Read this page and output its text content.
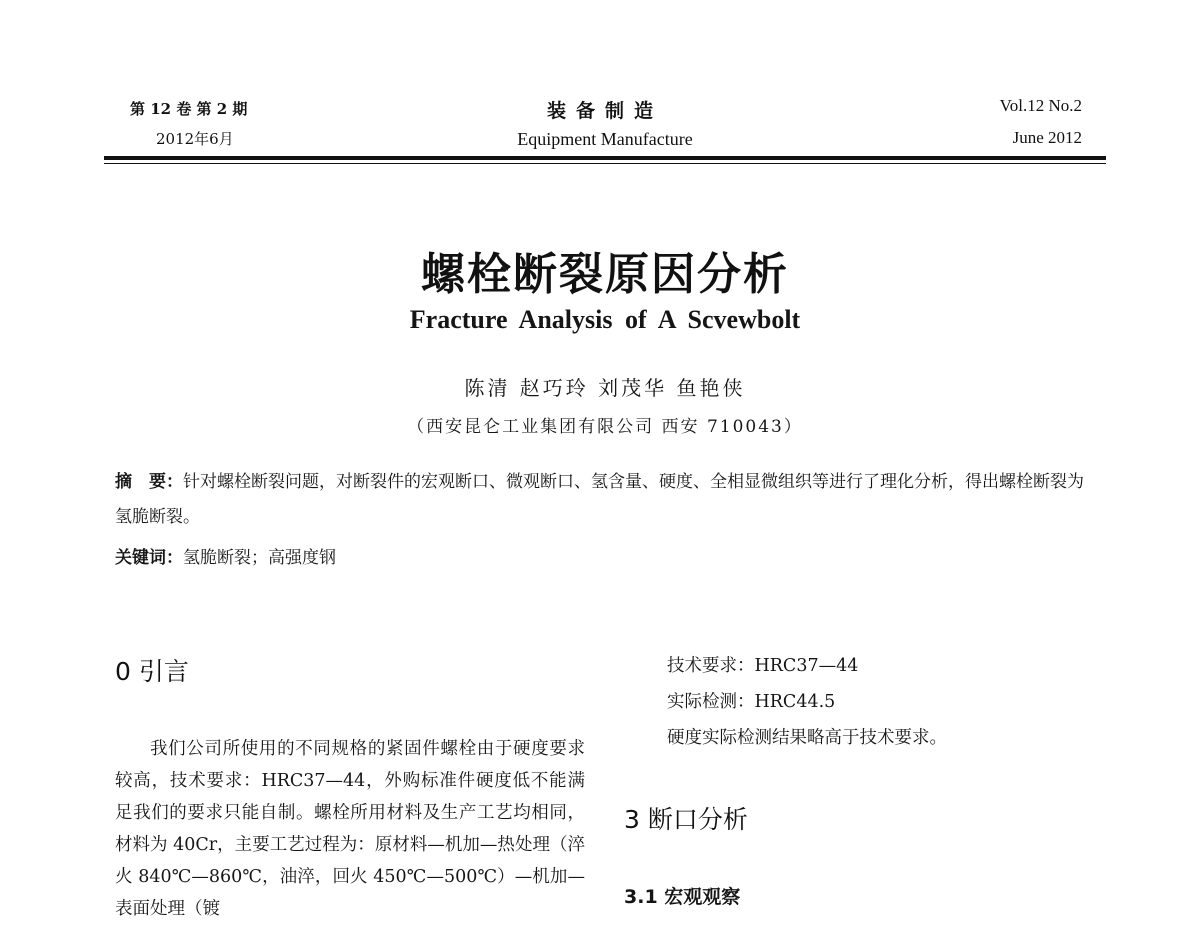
第 12 卷 第 2 期
2012年6月
装备制造
Equipment Manufacture
Vol.12 No.2
June 2012
螺栓断裂原因分析
Fracture Analysis of A Scvewbolt
陈清 赵巧玲 刘茂华 鱼艳侠
（西安昆仑工业集团有限公司 西安 710043）
摘　要：针对螺栓断裂问题，对断裂件的宏观断口、微观断口、氢含量、硬度、全相显微组织等进行了理化分析，得出螺栓断裂为氢脆断裂。
关键词：氢脆断裂；高强度钢
0 引言

我们公司所使用的不同规格的紧固件螺栓由于硬度要求较高，技术要求：HRC37—44，外购标准件硬度低不能满足我们的要求只能自制。螺栓所用材料及生产工艺均相同，材料为 40Cr，主要工艺过程为：原材料—机加—热处理（淬火 840℃—860℃，油淬，回火 450℃—500℃）—机加—表面处理（镀

技术要求：HRC37—44
实际检测：HRC44.5
硬度实际检测结果略高于技术要求。
3 断口分析
3.1 宏观观察
